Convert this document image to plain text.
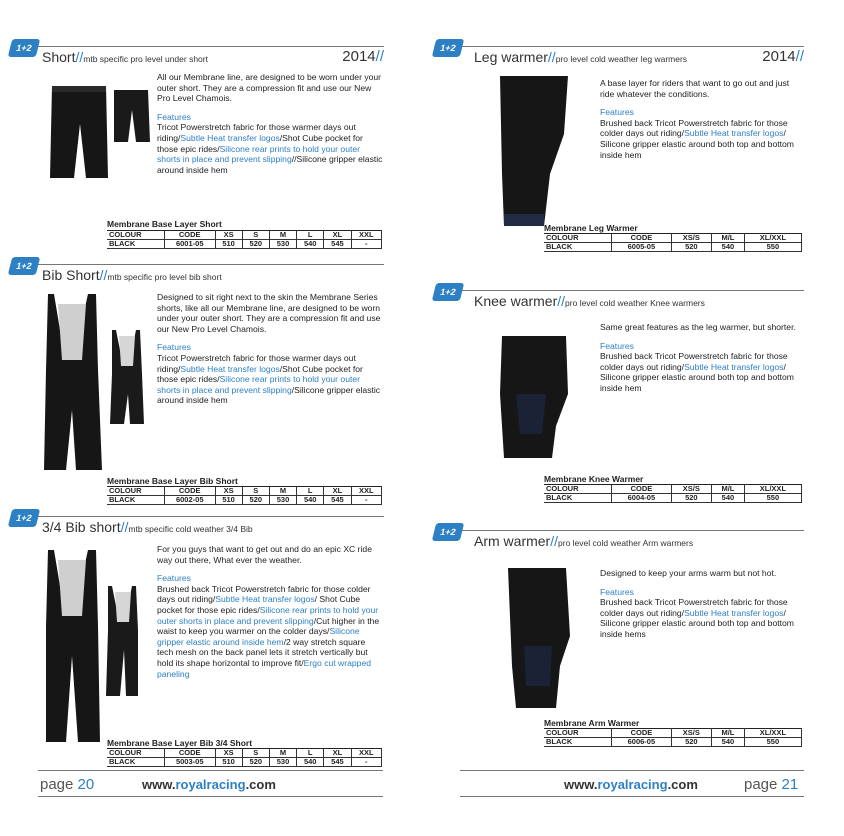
1+2
Short//mtb specific pro level under short	2014//

All our Membrane line, are designed to be worn under your outer short. They are a compression fit and use our New Pro Level Chamois.

Features
Tricot Powerstretch fabric for those warmer days out riding/Subtle Heat transfer logos/Shot Cube pocket for those epic rides/Silicone rear prints to hold your outer shorts in place and prevent slipping//Silicone gripper elastic around inside hem
Membrane Base Layer Short
COLOUR	CODE	XS	S	M	L	XL	XXL
BLACK	6001-05	510	520	530	540	545	-
1+2
Bib Short//mtb specific pro level bib short

Designed to sit right next to the skin the Membrane Series shorts, like all our Membrane line, are designed to be worn under your outer short. They are a compression fit and use our New Pro Level Chamois.

Features
Tricot Powerstretch fabric for those warmer days out riding/Subtle Heat transfer logos/Shot Cube pocket for those epic rides/Silicone rear prints to hold your outer shorts in place and prevent slipping/Silicone gripper elastic around inside hem
Membrane Base Layer Bib Short
COLOUR	CODE	XS	S	M	L	XL	XXL
BLACK	6002-05	510	520	530	540	545	-
1+2
3/4 Bib short//mtb specific cold weather 3/4 Bib

For you guys that want to get out and do an epic XC ride way out there, What ever the weather.

Features
Brushed back Tricot Powerstretch fabric for those colder days out riding/Subtle Heat transfer logos/ Shot Cube pocket for those epic rides/Silicone rear prints to hold your outer shorts in place and prevent slipping/Cut higher in the waist to keep you warmer on the colder days/Silicone gripper elastic around inside hem/2 way stretch square tech mesh on the back panel lets it stretch vertically but hold its shape horizontal to improve fit/Ergo cut wrapped paneling
Membrane Base Layer Bib 3/4 Short
COLOUR	CODE	XS	S	M	L	XL	XXL
BLACK	5003-05	510	520	530	540	545	-
page 20	www.royalracing.com
1+2
Leg warmer//pro level cold weather leg warmers	2014//

A base layer for riders that want to go out and just ride whatever the conditions.

Features
Brushed back Tricot Powerstretch fabric for those colder days out riding/Subtle Heat transfer logos/ Silicone gripper elastic around both top and bottom inside hem
Membrane Leg Warmer
COLOUR	CODE	XS/S	M/L	XL/XXL
BLACK	6005-05	520	540	550
1+2
Knee warmer//pro level cold weather Knee warmers

Same great features as the leg warmer, but shorter.

Features
Brushed back Tricot Powerstretch fabric for those colder days out riding/Subtle Heat transfer logos/ Silicone gripper elastic around both top and bottom inside hem
Membrane Knee Warmer
COLOUR	CODE	XS/S	M/L	XL/XXL
BLACK	6004-05	520	540	550
1+2
Arm warmer//pro level cold weather Arm warmers

Designed to keep your arms warm but not hot.

Features
Brushed back Tricot Powerstretch fabric for those colder days out riding/Subtle Heat transfer logos/ Silicone gripper elastic around both top and bottom inside hems
Membrane Arm Warmer
COLOUR	CODE	XS/S	M/L	XL/XXL
BLACK	6006-05	520	540	550
www.royalracing.com	page 21
